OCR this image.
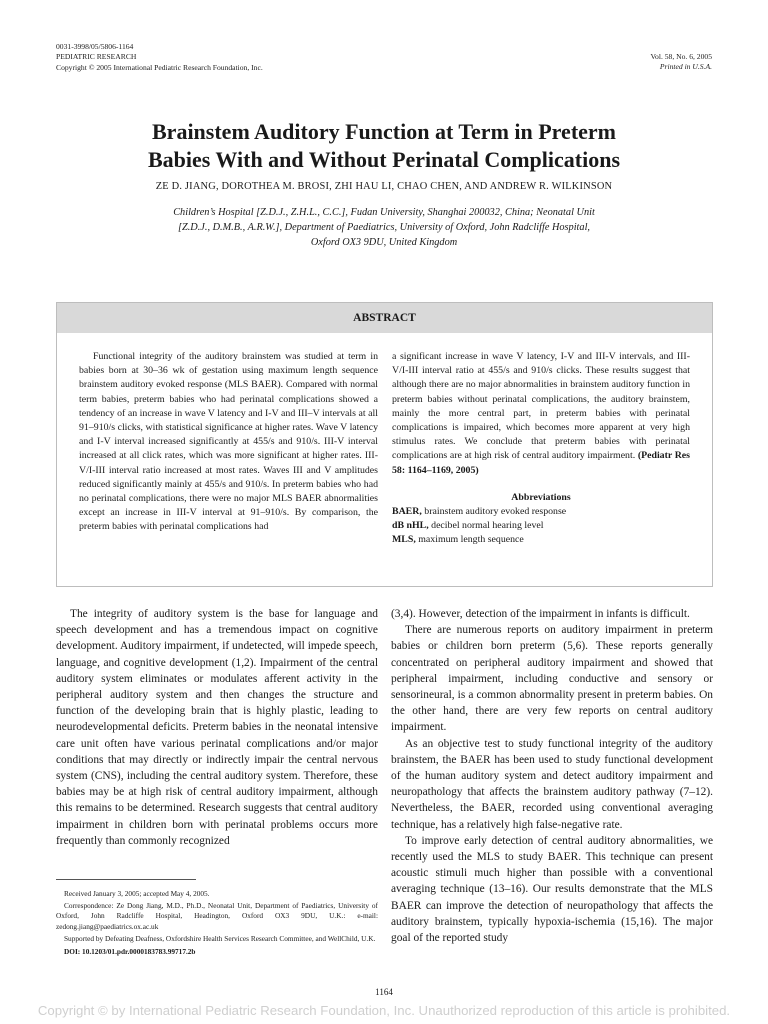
0031-3998/05/5806-1164
PEDIATRIC RESEARCH
Copyright © 2005 International Pediatric Research Foundation, Inc.
Vol. 58, No. 6, 2005
Printed in U.S.A.
Brainstem Auditory Function at Term in Preterm
Babies With and Without Perinatal Complications
ZE D. JIANG, DOROTHEA M. BROSI, ZHI HAU LI, CHAO CHEN, AND ANDREW R. WILKINSON
Children’s Hospital [Z.D.J., Z.H.L., C.C.], Fudan University, Shanghai 200032, China; Neonatal Unit
[Z.D.J., D.M.B., A.R.W.], Department of Paediatrics, University of Oxford, John Radcliffe Hospital,
Oxford OX3 9DU, United Kingdom
ABSTRACT

Functional integrity of the auditory brainstem was studied at term in babies born at 30–36 wk of gestation using maximum length sequence brainstem auditory evoked response (MLS BAER). Compared with normal term babies, preterm babies who had perinatal complications showed a tendency of an increase in wave V latency and I-V and III–V intervals at all 91–910/s clicks, with statistical significance at higher rates. Wave V latency and I-V interval increased significantly at 455/s and 910/s. III-V interval increased at all click rates, which was more significant at higher rates. III-V/I-III interval ratio increased at most rates. Waves III and V amplitudes reduced significantly mainly at 455/s and 910/s. In preterm babies who had no perinatal complications, there were no major MLS BAER abnormalities except an increase in III-V interval at 91–910/s. By comparison, the preterm babies with perinatal complications had

a significant increase in wave V latency, I-V and III-V intervals, and III-V/I-III interval ratio at 455/s and 910/s clicks. These results suggest that although there are no major abnormalities in brainstem auditory function in preterm babies without perinatal complications, the auditory brainstem, mainly the more central part, in preterm babies with perinatal complications is impaired, which becomes more apparent at very high stimulus rates. We conclude that preterm babies with perinatal complications are at high risk of central auditory impairment. (Pediatr Res 58: 1164–1169, 2005)

Abbreviations
BAER, brainstem auditory evoked response
dB nHL, decibel normal hearing level
MLS, maximum length sequence

The integrity of auditory system is the base for language and speech development and has a tremendous impact on cognitive development. Auditory impairment, if undetected, will impede speech, language, and cognitive development (1,2). Impairment of the central auditory system eliminates or modulates afferent activity in the peripheral auditory system and then changes the structure and function of the developing brain that is highly plastic, leading to neurodevelopmental deficits. Preterm babies in the neonatal intensive care unit often have various perinatal complications and/or major conditions that may directly or indirectly impair the central nervous system (CNS), including the central auditory system. Therefore, these babies may be at high risk of central auditory impairment, although this remains to be determined. Research suggests that central auditory impairment in children born with perinatal problems occurs more frequently than commonly recognized

(3,4). However, detection of the impairment in infants is difficult.

There are numerous reports on auditory impairment in preterm babies or children born preterm (5,6). These reports generally concentrated on peripheral auditory impairment and showed that peripheral impairment, including conductive and sensory or sensorineural, is a common abnormality present in preterm babies. On the other hand, there are very few reports on central auditory impairment.

As an objective test to study functional integrity of the auditory brainstem, the BAER has been used to study functional development of the human auditory system and detect auditory impairment and neuropathology that affects the brainstem auditory pathway (7–12). Nevertheless, the BAER, recorded using conventional averaging technique, has a relatively high false-negative rate.

To improve early detection of central auditory abnormalities, we recently used the MLS to study BAER. This technique can present acoustic stimuli much higher than possible with a conventional averaging technique (13–16). Our results demonstrate that the MLS BAER can improve the detection of neuropathology that affects the auditory brainstem, typically hypoxia-ischemia (15,16). The major goal of the reported study

Received January 3, 2005; accepted May 4, 2005.

Correspondence: Ze Dong Jiang, M.D., Ph.D., Neonatal Unit, Department of Paediatrics, University of Oxford, John Radcliffe Hospital, Headington, Oxford OX3 9DU, U.K.: e-mail: zedong.jiang@paediatrics.ox.ac.uk

Supported by Defeating Deafness, Oxfordshire Health Services Research Committee, and WellChild, U.K.

DOI: 10.1203/01.pdr.0000183783.99717.2b

1164
Copyright © by International Pediatric Research Foundation, Inc. Unauthorized reproduction of this article is prohibited.
